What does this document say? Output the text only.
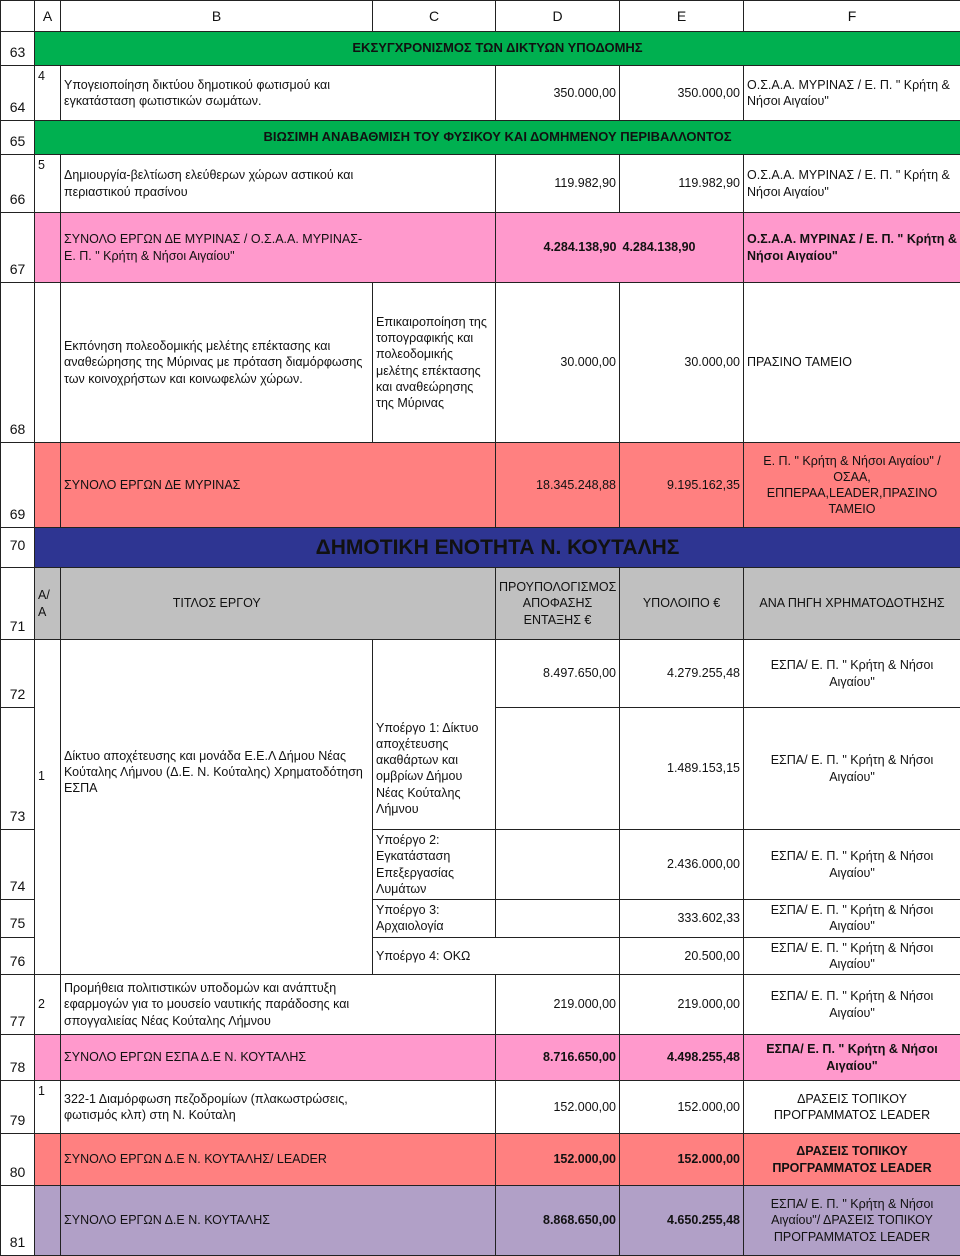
	A	B	C	D	E	F
63	ΕΚΣΥΓΧΡΟΝΙΣΜΟΣ ΤΩΝ ΔΙΚΤΥΩΝ ΥΠΟΔΟΜΗΣ					
64	4	Υπογειοποίηση δικτύου δημοτικού φωτισμού και εγκατάσταση φωτιστικών σωμάτων.		350.000,00	350.000,00	Ο.Σ.Α.Α. ΜΥΡΙΝΑΣ / Ε. Π. " Κρήτη & Νήσοι Αιγαίου"
65	ΒΙΩΣΙΜΗ ΑΝΑΒΑΘΜΙΣΗ ΤΟΥ ΦΥΣΙΚΟΥ ΚΑΙ ΔΟΜΗΜΕΝΟΥ ΠΕΡΙΒΑΛΛΟΝΤΟΣ					
66	5	Δημιουργία-βελτίωση ελεύθερων χώρων αστικού και περιαστικού πρασίνου		119.982,90	119.982,90	Ο.Σ.Α.Α. ΜΥΡΙΝΑΣ / Ε. Π. " Κρήτη & Νήσοι Αιγαίου"
67		ΣΥΝΟΛΟ ΕΡΓΩΝ ΔΕ ΜΥΡΙΝΑΣ / Ο.Σ.Α.Α. ΜΥΡΙΝΑΣ- Ε. Π. " Κρήτη & Νήσοι Αιγαίου"		4.284.138,90	4.284.138,90	Ο.Σ.Α.Α. ΜΥΡΙΝΑΣ / Ε. Π. " Κρήτη & Νήσοι Αιγαίου"
68		Εκπόνηση πολεοδομικής μελέτης επέκτασης και αναθεώρησης της Μύρινας με πρόταση διαμόρφωσης των κοινοχρήστων και κοινωφελών χώρων.	Επικαιροποίηση της τοπογραφικής και πολεοδομικής μελέτης επέκτασης και αναθεώρησης της Μύρινας	30.000,00	30.000,00	ΠΡΑΣΙΝΟ ΤΑΜΕΙΟ
69		ΣΥΝΟΛΟ ΕΡΓΩΝ ΔΕ ΜΥΡΙΝΑΣ		18.345.248,88	9.195.162,35	Ε. Π. " Κρήτη & Νήσοι Αιγαίου" / ΟΣΑΑ, ΕΠΠΕΡΑΑ,LEADER,ΠΡΑΣΙΝΟ ΤΑΜΕΙΟ
70	ΔΗΜΟΤΙΚΗ ΕΝΟΤΗΤΑ Ν. ΚΟΥΤΑΛΗΣ					
71	Α/Α	ΤΙΤΛΟΣ ΕΡΓΟΥ		ΠΡΟΥΠΟΛΟΓΙΣΜΟΣ ΑΠΟΦΑΣΗΣ ΕΝΤΑΞΗΣ €	ΥΠΟΛΟΙΠΟ €	ΑΝΑ ΠΗΓΗ ΧΡΗΜΑΤΟΔΟΤΗΣΗΣ
72				8.497.650,00	4.279.255,48	ΕΣΠΑ/ Ε. Π. " Κρήτη & Νήσοι Αιγαίου"
73	1	Δίκτυο αποχέτευσης και μονάδα Ε.Ε.Λ Δήμου Νέας Κούταλης Λήμνου (Δ.Ε. Ν. Κούταλης) Χρηματοδότηση ΕΣΠΑ	Υποέργο 1: Δίκτυο αποχέτευσης ακαθάρτων και ομβρίων Δήμου Νέας Κούταλης Λήμνου		1.489.153,15	ΕΣΠΑ/ Ε. Π. " Κρήτη & Νήσοι Αιγαίου"
74			Υποέργο 2: Εγκατάσταση Επεξεργασίας Λυμάτων		2.436.000,00	ΕΣΠΑ/ Ε. Π. " Κρήτη & Νήσοι Αιγαίου"
75			Υποέργο 3: Αρχαιολογία		333.602,33	ΕΣΠΑ/ Ε. Π. " Κρήτη & Νήσοι Αιγαίου"
76			Υποέργο 4: ΟΚΩ		20.500,00	ΕΣΠΑ/ Ε. Π. " Κρήτη & Νήσοι Αιγαίου"
77	2	Προμήθεια πολιτιστικών υποδομών και ανάπτυξη εφαρμογών για το μουσείο ναυτικής παράδοσης και σπογγαλιείας Νέας Κούταλης Λήμνου		219.000,00	219.000,00	ΕΣΠΑ/ Ε. Π. " Κρήτη & Νήσοι Αιγαίου"
78		ΣΥΝΟΛΟ ΕΡΓΩΝ ΕΣΠΑ Δ.Ε Ν. ΚΟΥΤΑΛΗΣ		8.716.650,00	4.498.255,48	ΕΣΠΑ/ Ε. Π. " Κρήτη & Νήσοι Αιγαίου"
79	1	322-1 Διαμόρφωση πεζοδρομίων (πλακωστρώσεις, φωτισμός κλπ) στη Ν. Κούταλη		152.000,00	152.000,00	ΔΡΑΣΕΙΣ ΤΟΠΙΚΟΥ ΠΡΟΓΡΑΜΜΑΤΟΣ LEADER
80		ΣΥΝΟΛΟ ΕΡΓΩΝ Δ.Ε Ν. ΚΟΥΤΑΛΗΣ/ LEADER		152.000,00	152.000,00	ΔΡΑΣΕΙΣ ΤΟΠΙΚΟΥ ΠΡΟΓΡΑΜΜΑΤΟΣ LEADER
81		ΣΥΝΟΛΟ ΕΡΓΩΝ Δ.Ε Ν. ΚΟΥΤΑΛΗΣ		8.868.650,00	4.650.255,48	ΕΣΠΑ/ Ε. Π. " Κρήτη & Νήσοι Αιγαίου"/ ΔΡΑΣΕΙΣ ΤΟΠΙΚΟΥ ΠΡΟΓΡΑΜΜΑΤΟΣ LEADER
